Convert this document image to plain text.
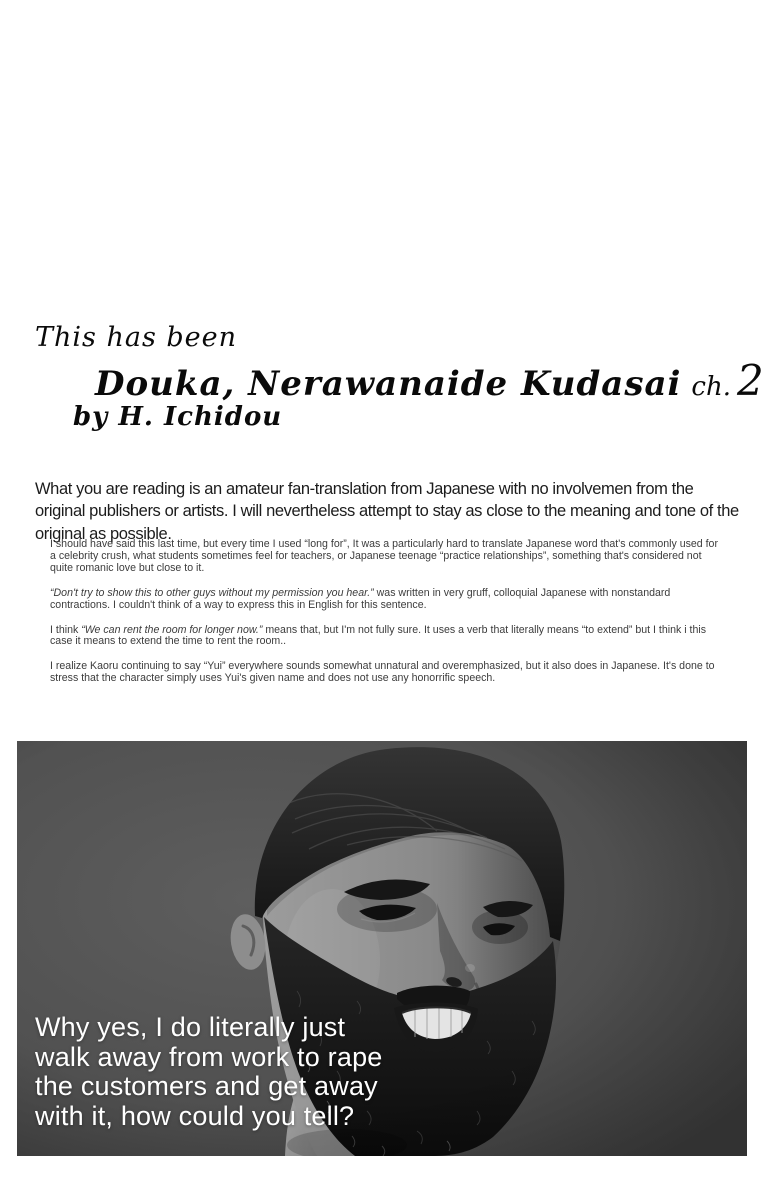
This has been
Douka, Nerawanaide Kudasai ch. 2
by H. Ichidou

What you are reading is an amateur fan-translation from Japanese with no involvemen from the original publishers or artists. I will nevertheless attempt to stay as close to the meaning and tone of the original as possible.

I should have said this last time, but every time I used “long for”, It was a particularly hard to translate Japanese word that's commonly used for a celebrity crush, what students sometimes feel for teachers, or Japanese teenage “practice relationships”, something that's considered not quite romanic love but close to it.

“Don't try to show this to other guys without my permission you hear.” was written in very gruff, colloquial Japanese with nonstandard contractions. I couldn't think of a way to express this in English for this sentence.

I think “We can rent the room for longer now.” means that, but I'm not fully sure. It uses a verb that literally means “to extend” but I think i this case it means to extend the time to rent the room..

I realize Kaoru continuing to say “Yui” everywhere sounds somewhat unnatural and overemphasized, but it also does in Japanese. It's done to stress that the character simply uses Yui's given name and does not use any honorrific speech.

Why yes, I do literally just
walk away from work to rape
the customers and get away
with it, how could you tell?
